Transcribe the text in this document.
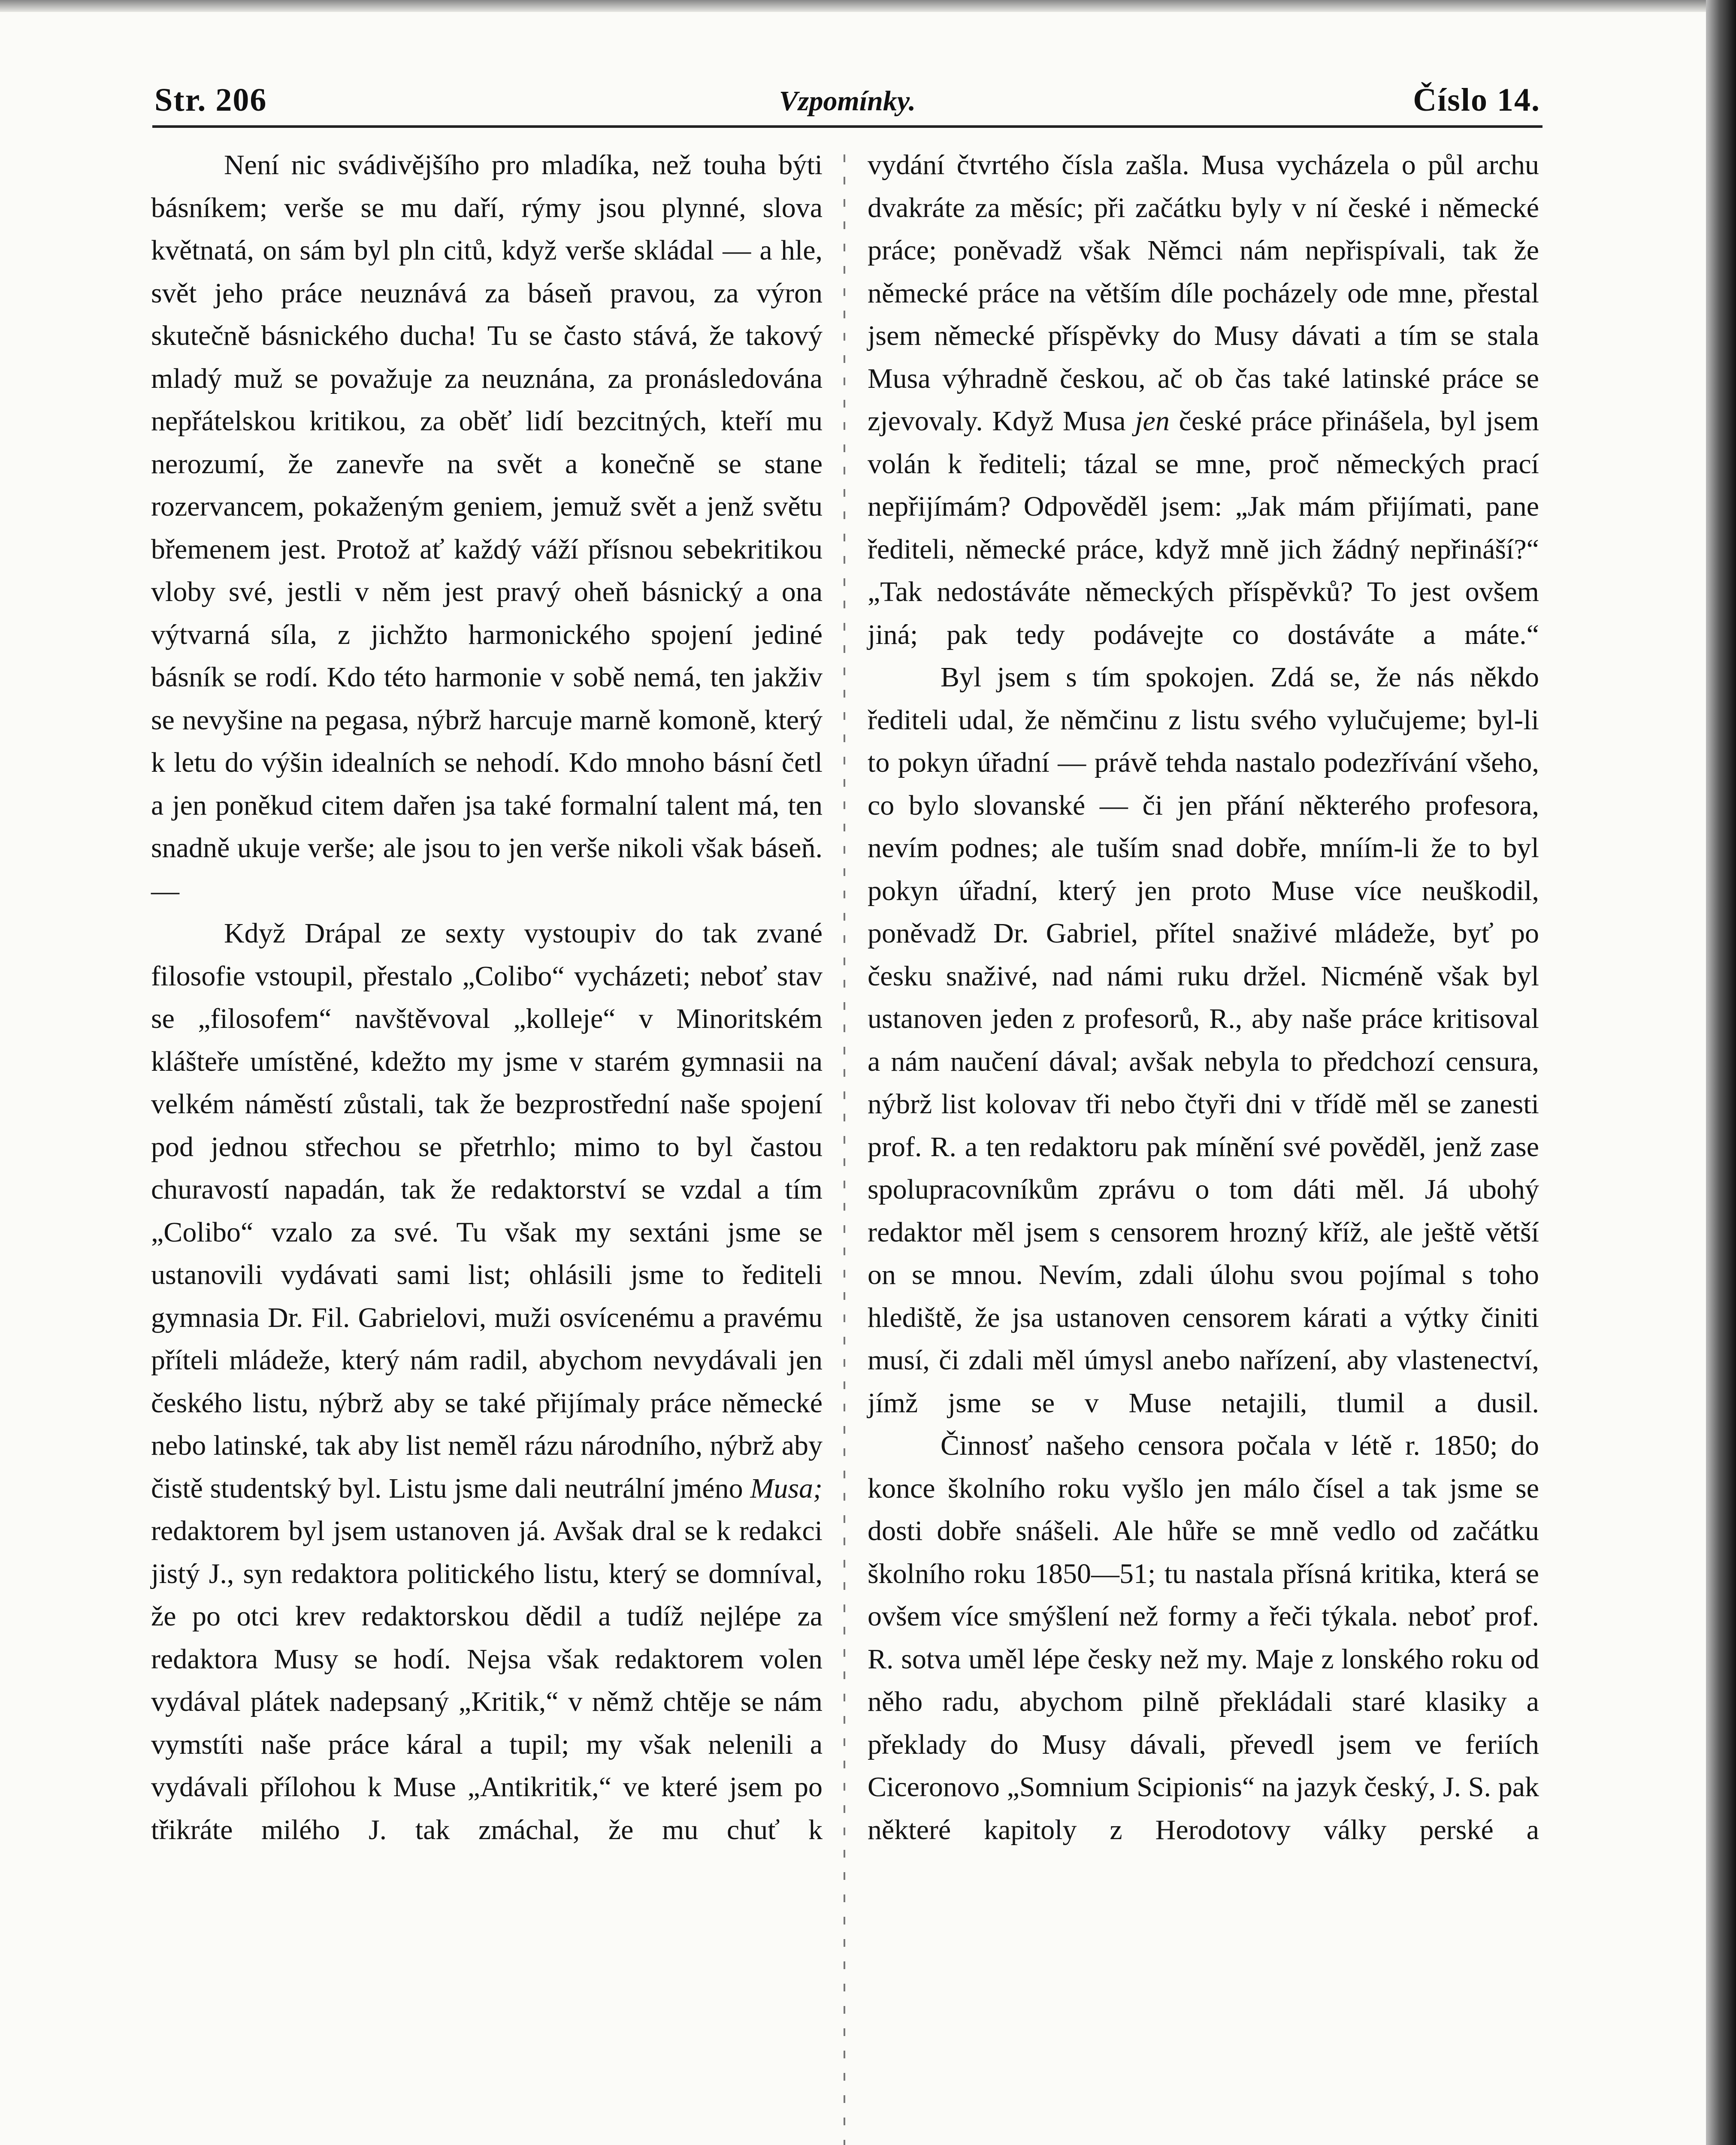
Str. 206	Vzpomínky.	Číslo 14.

Není nic svádivějšího pro mladíka, než touha býti básníkem; verše se mu daří, rýmy jsou plynné, slova květnatá, on sám byl pln citů, když verše skládal — a hle, svět jeho práce neuznává za báseň pravou, za výron skutečně básnického ducha! Tu se často stává, že takový mladý muž se považuje za neuznána, za pronásledována nepřátelskou kritikou, za oběť lidí bezcitných, kteří mu nerozumí, že zanevře na svět a konečně se stane rozervancem, pokaženým geniem, jemuž svět a jenž světu břemenem jest. Protož ať každý váží přísnou sebekritikou vloby své, jestli v něm jest pravý oheň básnický a ona výtvarná síla, z jichžto harmonického spojení jediné básník se rodí. Kdo této harmonie v sobě nemá, ten jakživ se nevyšine na pegasa, nýbrž harcuje marně komoně, který k letu do výšin idealních se nehodí. Kdo mnoho básní četl a jen poněkud citem dařen jsa také formalní talent má, ten snadně ukuje verše; ale jsou to jen verše nikoli však báseň. —

Když Drápal ze sexty vystoupiv do tak zvané filosofie vstoupil, přestalo „Colibo“ vycházeti; neboť stav se „filosofem“ navštěvoval „kolleje“ v Minoritském klášteře umístěné, kdežto my jsme v starém gymnasii na velkém náměstí zůstali, tak že bezprostřední naše spojení pod jednou střechou se přetrhlo; mimo to byl častou churavostí napadán, tak že redaktorství se vzdal a tím „Colibo“ vzalo za své. Tu však my sextáni jsme se ustanovili vydávati sami list; ohlásili jsme to řediteli gymnasia Dr. Fil. Gabrielovi, muži osvícenému a pravému příteli mládeže, který nám radil, abychom nevydávali jen českého listu, nýbrž aby se také přijímaly práce německé nebo latinské, tak aby list neměl rázu národního, nýbrž aby čistě studentský byl. Listu jsme dali neutrální jméno Musa; redaktorem byl jsem ustanoven já. Avšak dral se k redakci jistý J., syn redaktora politického listu, který se domníval, že po otci krev redaktorskou dědil a tudíž nejlépe za redaktora Musy se hodí. Nejsa však redaktorem volen vydával plátek nadepsaný „Kritik,“ v němž chtěje se nám vymstíti naše práce káral a tupil; my však nelenili a vydávali přílohou k Muse „Antikritik,“ ve které jsem po třikráte milého J. tak zmáchal, že mu chuť k

vydání čtvrtého čísla zašla. Musa vycházela o půl archu dvakráte za měsíc; při začátku byly v ní české i německé práce; poněvadž však Němci nám nepřispívali, tak že německé práce na větším díle pocházely ode mne, přestal jsem německé příspěvky do Musy dávati a tím se stala Musa výhradně českou, ač ob čas také latinské práce se zjevovaly. Když Musa jen české práce přinášela, byl jsem volán k řediteli; tázal se mne, proč německých prací nepřijímám? Odpověděl jsem: „Jak mám přijímati, pane řediteli, německé práce, když mně jich žádný nepřináší?“ „Tak nedostáváte německých příspěvků? To jest ovšem jiná; pak tedy podávejte co dostáváte a máte.“

Byl jsem s tím spokojen. Zdá se, že nás někdo řediteli udal, že němčinu z listu svého vylučujeme; byl-li to pokyn úřadní — právě tehda nastalo podezřívání všeho, co bylo slovanské — či jen přání některého profesora, nevím podnes; ale tuším snad dobře, mníím-li že to byl pokyn úřadní, který jen proto Muse více neuškodil, poněvadž Dr. Gabriel, přítel snaživé mládeže, byť po česku snaživé, nad námi ruku držel. Nicméně však byl ustanoven jeden z profesorů, R., aby naše práce kritisoval a nám naučení dával; avšak nebyla to předchozí censura, nýbrž list kolovav tři nebo čtyři dni v třídě měl se zanesti prof. R. a ten redaktoru pak mínění své pověděl, jenž zase spolupracovníkům zprávu o tom dáti měl. Já ubohý redaktor měl jsem s censorem hrozný kříž, ale ještě větší on se mnou. Nevím, zdali úlohu svou pojímal s toho hlediště, že jsa ustanoven censorem kárati a výtky činiti musí, či zdali měl úmysl anebo nařízení, aby vlastenectví, jímž jsme se v Muse netajili, tlumil a dusil.

Činnosť našeho censora počala v létě r. 1850; do konce školního roku vyšlo jen málo čísel a tak jsme se dosti dobře snášeli. Ale hůře se mně vedlo od začátku školního roku 1850—51; tu nastala přísná kritika, která se ovšem více smýšlení než formy a řeči týkala. neboť prof. R. sotva uměl lépe česky než my. Maje z lonského roku od něho radu, abychom pilně překládali staré klasiky a překlady do Musy dávali, převedl jsem ve feriích Ciceronovo „Somnium Scipionis“ na jazyk český, J. S. pak některé kapitoly z Herodotovy války perské a
